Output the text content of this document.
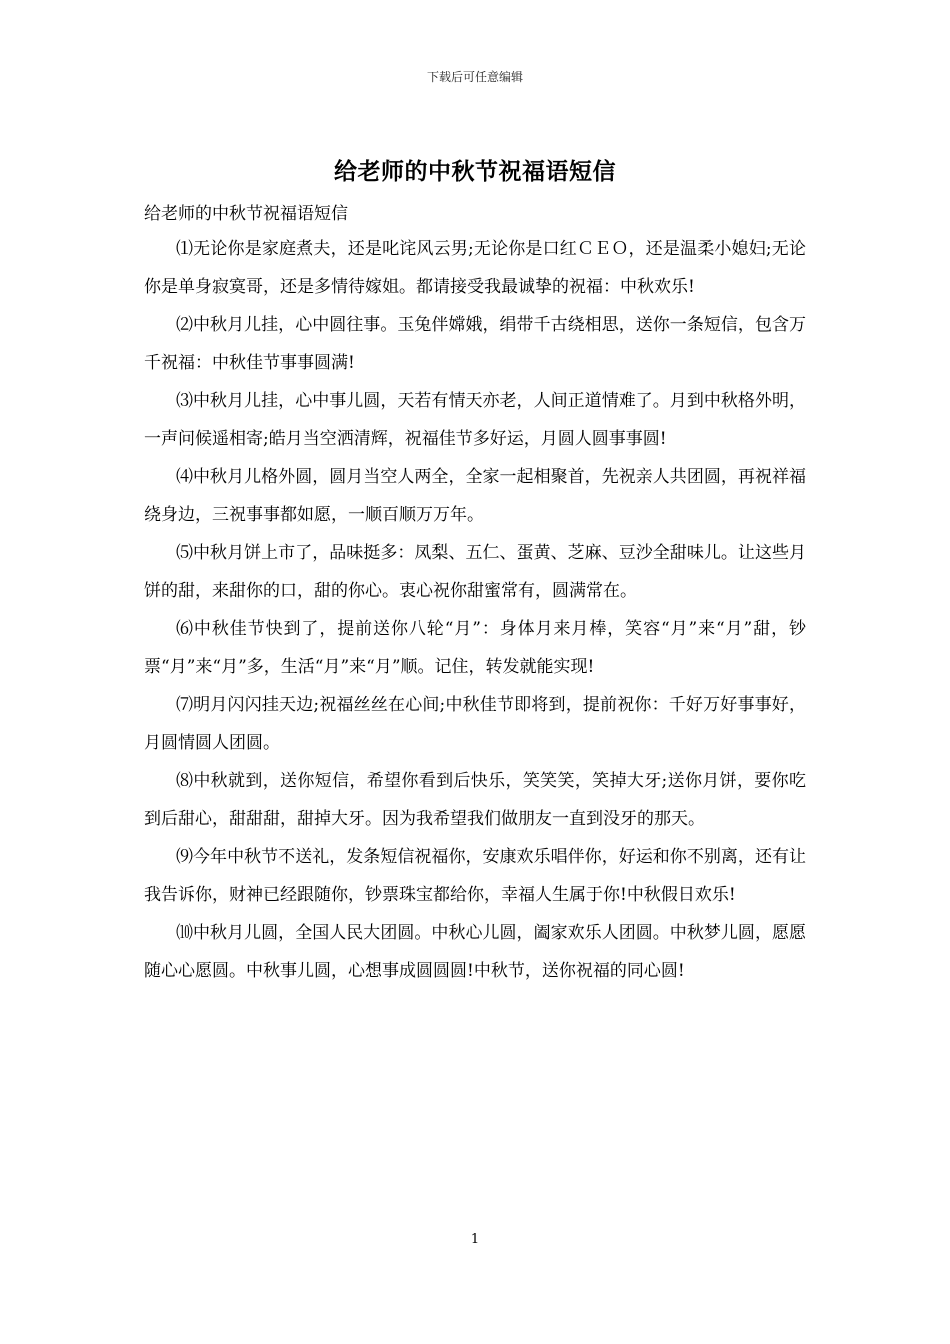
下载后可任意编辑
给老师的中秋节祝福语短信
给老师的中秋节祝福语短信

⑴无论你是家庭煮夫，还是叱诧风云男;无论你是口红ＣＥＯ，还是温柔小媳妇;无论你是单身寂寞哥，还是多情待嫁姐。都请接受我最诚挚的祝福：中秋欢乐!

⑵中秋月儿挂，心中圆往事。玉兔伴嫦娥，绢带千古绕相思，送你一条短信，包含万千祝福：中秋佳节事事圆满!

⑶中秋月儿挂，心中事儿圆，天若有情天亦老，人间正道情难了。月到中秋格外明，一声问候遥相寄;皓月当空洒清辉，祝福佳节多好运，月圆人圆事事圆!

⑷中秋月儿格外圆，圆月当空人两全，全家一起相聚首，先祝亲人共团圆，再祝祥福绕身边，三祝事事都如愿，一顺百顺万万年。

⑸中秋月饼上市了，品味挺多：凤梨、五仁、蛋黄、芝麻、豆沙全甜味儿。让这些月饼的甜，来甜你的口，甜的你心。衷心祝你甜蜜常有，圆满常在。

⑹中秋佳节快到了，提前送你八轮“月”：身体月来月棒，笑容“月”来“月”甜，钞票“月”来“月”多，生活“月”来“月”顺。记住，转发就能实现!

⑺明月闪闪挂天边;祝福丝丝在心间;中秋佳节即将到，提前祝你：千好万好事事好，月圆情圆人团圆。

⑻中秋就到，送你短信，希望你看到后快乐，笑笑笑，笑掉大牙;送你月饼，要你吃到后甜心，甜甜甜，甜掉大牙。因为我希望我们做朋友一直到没牙的那天。

⑼今年中秋节不送礼，发条短信祝福你，安康欢乐唱伴你，好运和你不别离，还有让我告诉你，财神已经跟随你，钞票珠宝都给你，幸福人生属于你!中秋假日欢乐!

⑽中秋月儿圆，全国人民大团圆。中秋心儿圆，阖家欢乐人团圆。中秋梦儿圆，愿愿随心心愿圆。中秋事儿圆，心想事成圆圆圆!中秋节，送你祝福的同心圆!

1
